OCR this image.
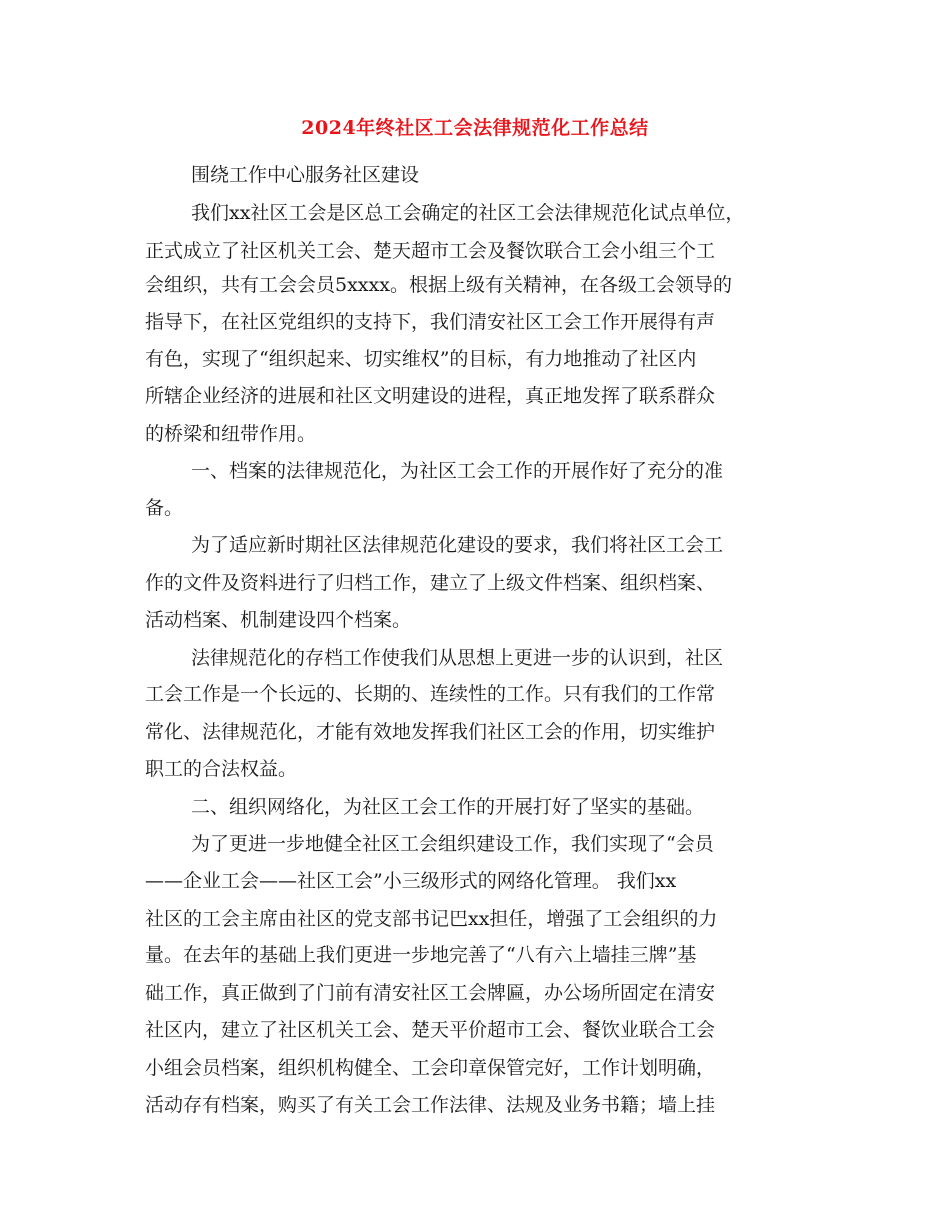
2024年终社区工会法律规范化工作总结
围绕工作中心服务社区建设
我们xx社区工会是区总工会确定的社区工会法律规范化试点单位，
正式成立了社区机关工会、楚天超市工会及餐饮联合工会小组三个工
会组织，共有工会会员5xxxx。根据上级有关精神，在各级工会领导的
指导下，在社区党组织的支持下，我们清安社区工会工作开展得有声
有色，实现了“组织起来、切实维权”的目标，有力地推动了社区内
所辖企业经济的进展和社区文明建设的进程，真正地发挥了联系群众
的桥梁和纽带作用。
一、档案的法律规范化，为社区工会工作的开展作好了充分的准
备。
为了适应新时期社区法律规范化建设的要求，我们将社区工会工
作的文件及资料进行了归档工作，建立了上级文件档案、组织档案、
活动档案、机制建设四个档案。
法律规范化的存档工作使我们从思想上更进一步的认识到，社区
工会工作是一个长远的、长期的、连续性的工作。只有我们的工作常
常化、法律规范化，才能有效地发挥我们社区工会的作用，切实维护
职工的合法权益。
二、组织网络化，为社区工会工作的开展打好了坚实的基础。
为了更进一步地健全社区工会组织建设工作，我们实现了“会员
——企业工会——社区工会”小三级形式的网络化管理。 我们xx
社区的工会主席由社区的党支部书记巴xx担任，增强了工会组织的力
量。在去年的基础上我们更进一步地完善了“八有六上墙挂三牌”基
础工作，真正做到了门前有清安社区工会牌匾，办公场所固定在清安
社区内，建立了社区机关工会、楚天平价超市工会、餐饮业联合工会
小组会员档案，组织机构健全、工会印章保管完好，工作计划明确，
活动存有档案，购买了有关工会工作法律、法规及业务书籍；墙上挂
